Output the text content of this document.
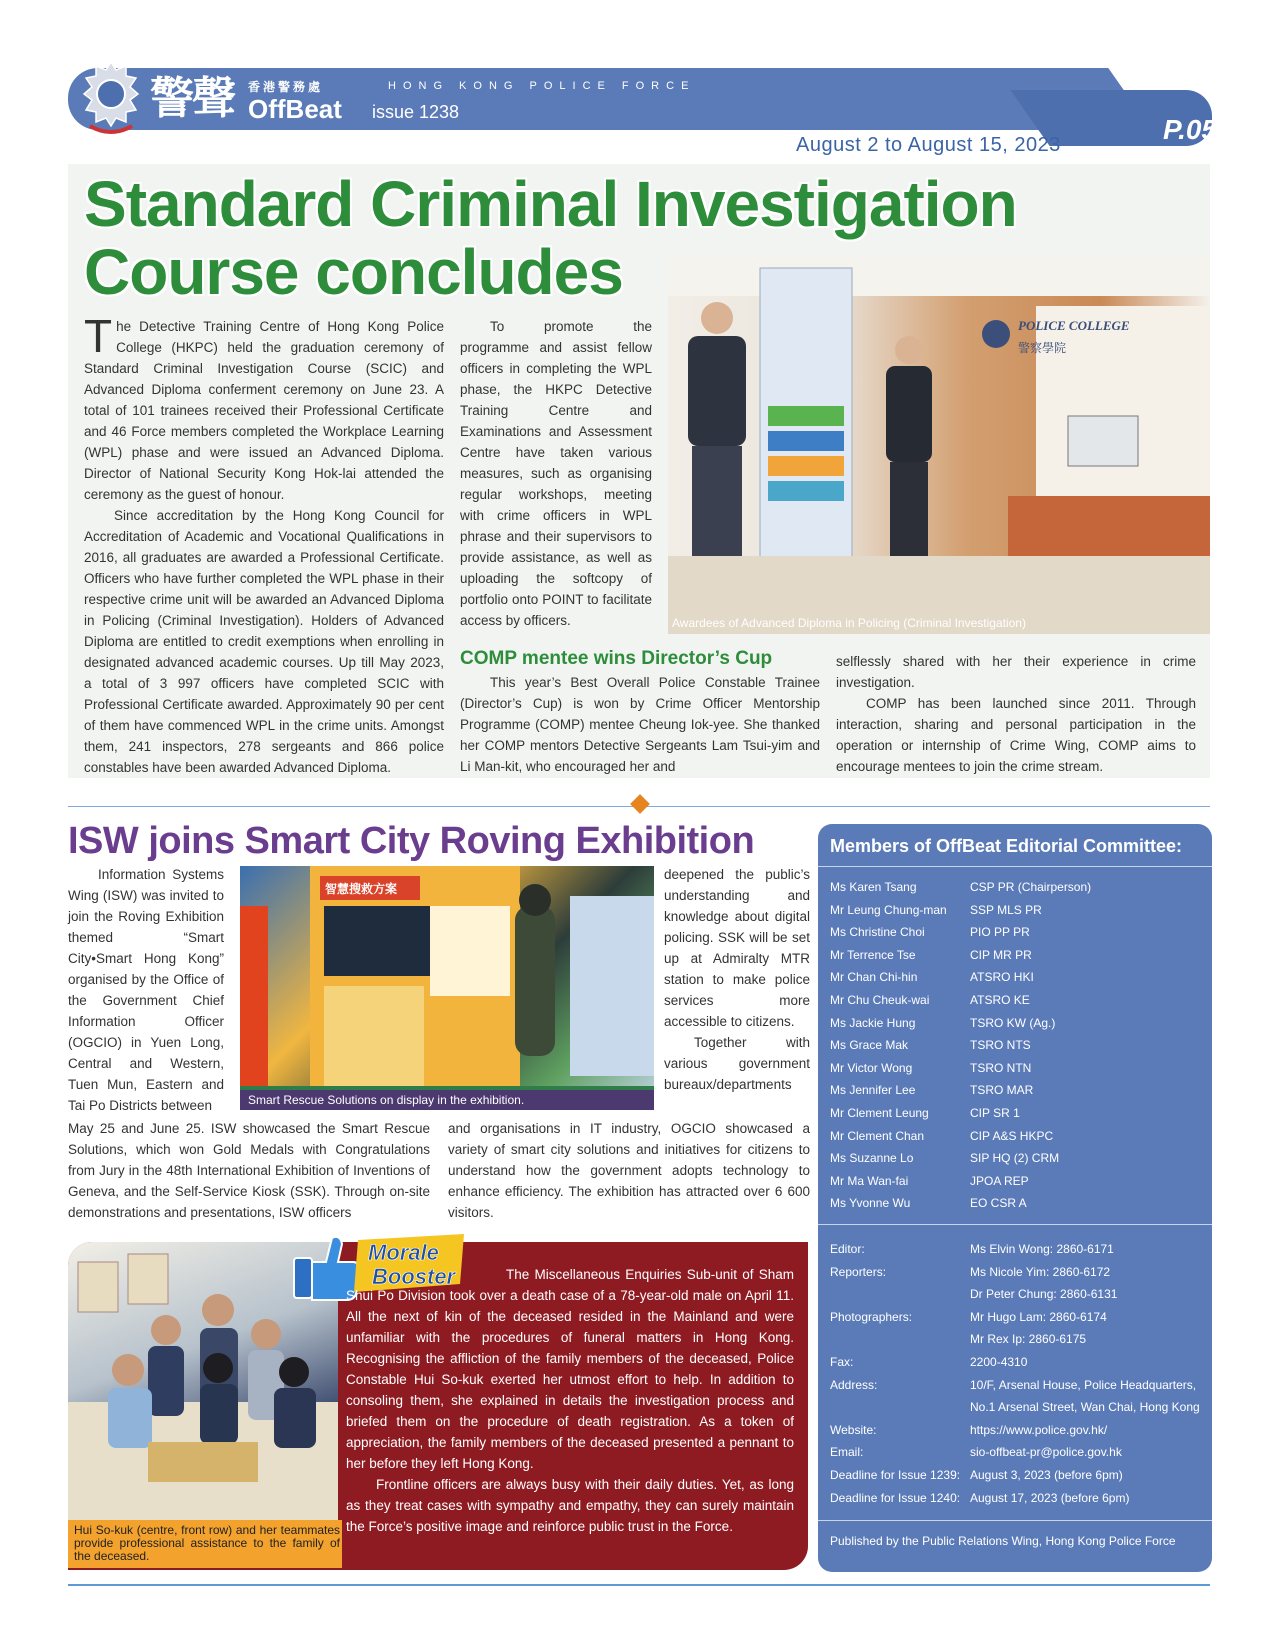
警聲 香港警務處
OffBeat issue 1238
HONG KONG POLICE FORCE
P.05
August 2 to August 15, 2023
Standard Criminal Investigation
Course concludes

The Detective Training Centre of Hong Kong Police College (HKPC) held the graduation ceremony of Standard Criminal Investigation Course (SCIC) and Advanced Diploma conferment ceremony on June 23. A total of 101 trainees received their Professional Certificate and 46 Force members completed the Workplace Learning (WPL) phase and were issued an Advanced Diploma. Director of National Security Kong Hok-lai attended the ceremony as the guest of honour.

Since accreditation by the Hong Kong Council for Accreditation of Academic and Vocational Qualifications in 2016, all graduates are awarded a Professional Certificate. Officers who have further completed the WPL phase in their respective crime unit will be awarded an Advanced Diploma in Policing (Criminal Investigation). Holders of Advanced Diploma are entitled to credit exemptions when enrolling in designated advanced academic courses. Up till May 2023, a total of 3 997 officers have completed SCIC with Professional Certificate awarded. Approximately 90 per cent of them have commenced WPL in the crime units. Amongst them, 241 inspectors, 278 sergeants and 866 police constables have been awarded Advanced Diploma.

To promote the programme and assist fellow officers in completing the WPL phase, the HKPC Detective Training Centre and Examinations and Assessment Centre have taken various measures, such as organising regular workshops, meeting with crime officers in WPL phrase and their supervisors to provide assistance, as well as uploading the softcopy of portfolio onto POINT to facilitate access by officers.

POLICE COLLEGE
警察學院
Awardees of Advanced Diploma in Policing (Criminal Investigation)
COMP mentee wins Director’s Cup

This year’s Best Overall Police Constable Trainee (Director’s Cup) is won by Crime Officer Mentorship Programme (COMP) mentee Cheung Iok-yee. She thanked her COMP mentors Detective Sergeants Lam Tsui-yim and Li Man-kit, who encouraged her and

selflessly shared with her their experience in crime investigation.

COMP has been launched since 2011. Through interaction, sharing and personal participation in the operation or internship of Crime Wing, COMP aims to encourage mentees to join the crime stream.

ISW joins Smart City Roving Exhibition

Information Systems Wing (ISW) was invited to join the Roving Exhibition themed “Smart City•Smart Hong Kong” organised by the Office of the Government Chief Information Officer (OGCIO) in Yuen Long, Central and Western, Tuen Mun, Eastern and Tai Po Districts between

智慧搜救方案
Smart Rescue Solutions on display in the exhibition.

deepened the public’s understanding and knowledge about digital policing. SSK will be set up at Admiralty MTR station to make police services more accessible to citizens.

Together with various government bureaux/departments

May 25 and June 25. ISW showcased the Smart Rescue Solutions, which won Gold Medals with Congratulations from Jury in the 48th International Exhibition of Inventions of Geneva, and the Self-Service Kiosk (SSK). Through on-site demonstrations and presentations, ISW officers

and organisations in IT industry, OGCIO showcased a variety of smart city solutions and initiatives for citizens to understand how the government adopts technology to enhance efficiency. The exhibition has attracted over 6 600 visitors.

Members of OffBeat Editorial Committee:
Ms Karen Tsang
Mr Leung Chung-man
Ms Christine Choi
Mr Terrence Tse
Mr Chan Chi-hin
Mr Chu Cheuk-wai
Ms Jackie Hung
Ms Grace Mak
Mr Victor Wong
Ms Jennifer Lee
Mr Clement Leung
Mr Clement Chan
Ms Suzanne Lo
Mr Ma Wan-fai
Ms Yvonne Wu
CSP PR (Chairperson)
SSP MLS PR
PIO PP PR
CIP MR PR
ATSRO HKI
ATSRO KE
TSRO KW (Ag.)
TSRO NTS
TSRO NTN
TSRO MAR
CIP SR 1
CIP A&S HKPC
SIP HQ (2) CRM
JPOA REP
EO CSR A
Editor:
Reporters:

Photographers:

Fax:
Address:

Website:
Email:
Deadline for Issue 1239:
Deadline for Issue 1240:
Ms Elvin Wong: 2860-6171
Ms Nicole Yim: 2860-6172
Dr Peter Chung: 2860-6131
Mr Hugo Lam: 2860-6174
Mr Rex Ip: 2860-6175
2200-4310
10/F, Arsenal House, Police Headquarters,
No.1 Arsenal Street, Wan Chai, Hong Kong
https://www.police.gov.hk/
sio-offbeat-pr@police.gov.hk
August 3, 2023 (before 6pm)
August 17, 2023 (before 6pm)
Published by the Public Relations Wing, Hong Kong Police Force
Hui So-kuk (centre, front row) and her teammates provide professional assistance to the family of the deceased.
Morale
Booster	The Miscellaneous Enquiries Sub-unit of Sham Shui Po Division took over a death case of a 78-year-old male on April 11. All the next of kin of the deceased resided in the Mainland and were unfamiliar with the procedures of funeral matters in Hong Kong. Recognising the affliction of the family members of the deceased, Police Constable Hui So-kuk exerted her utmost effort to help. In addition to consoling them, she explained in details the investigation process and briefed them on the procedure of death registration. As a token of appreciation, the family members of the deceased presented a pennant to her before they left Hong Kong.

Frontline officers are always busy with their daily duties. Yet, as long as they treat cases with sympathy and empathy, they can surely maintain the Force’s positive image and reinforce public trust in the Force.
